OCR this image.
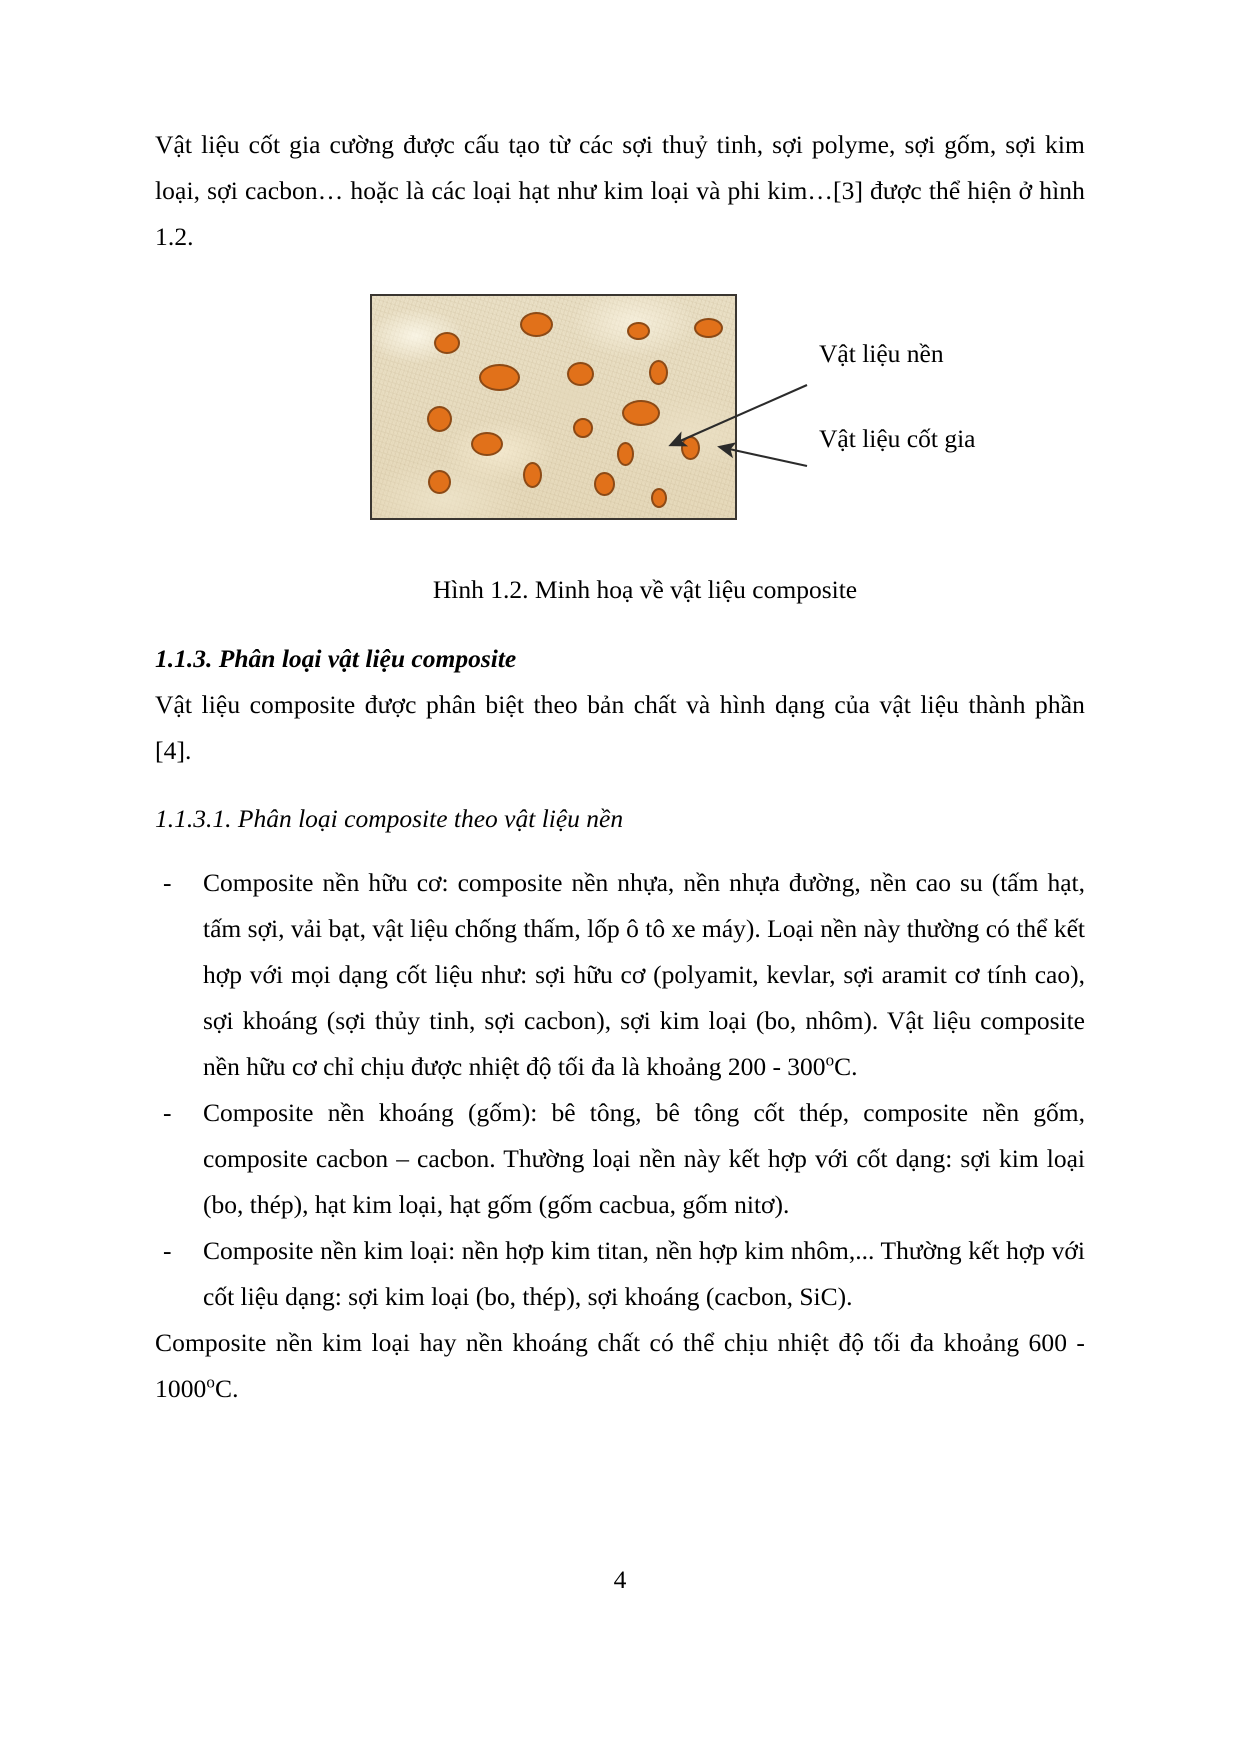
Vật liệu cốt gia cường được cấu tạo từ các sợi thuỷ tinh, sợi polyme, sợi gốm, sợi kim loại, sợi cacbon… hoặc là các loại hạt như kim loại và phi kim…[3] được thể hiện ở hình 1.2.

Vật liệu nền
Vật liệu cốt gia
Hình 1.2. Minh hoạ về vật liệu composite
1.1.3. Phân loại vật liệu composite

Vật liệu composite được phân biệt theo bản chất và hình dạng của vật liệu thành phần [4].

1.1.3.1. Phân loại composite theo vật liệu nền
- Composite nền hữu cơ: composite nền nhựa, nền nhựa đường, nền cao su (tấm hạt, tấm sợi, vải bạt, vật liệu chống thấm, lốp ô tô xe máy). Loại nền này thường có thể kết hợp với mọi dạng cốt liệu như: sợi hữu cơ (polyamit, kevlar, sợi aramit cơ tính cao), sợi khoáng (sợi thủy tinh, sợi cacbon), sợi kim loại (bo, nhôm). Vật liệu composite nền hữu cơ chỉ chịu được nhiệt độ tối đa là khoảng 200 - 300$^o$C.
- Composite nền khoáng (gốm): bê tông, bê tông cốt thép, composite nền gốm, composite cacbon – cacbon. Thường loại nền này kết hợp với cốt dạng: sợi kim loại (bo, thép), hạt kim loại, hạt gốm (gốm cacbua, gốm nitơ).
- Composite nền kim loại: nền hợp kim titan, nền hợp kim nhôm,... Thường kết hợp với cốt liệu dạng: sợi kim loại (bo, thép), sợi khoáng (cacbon, SiC).

Composite nền kim loại hay nền khoáng chất có thể chịu nhiệt độ tối đa khoảng 600 - 1000$^o$C.

4
